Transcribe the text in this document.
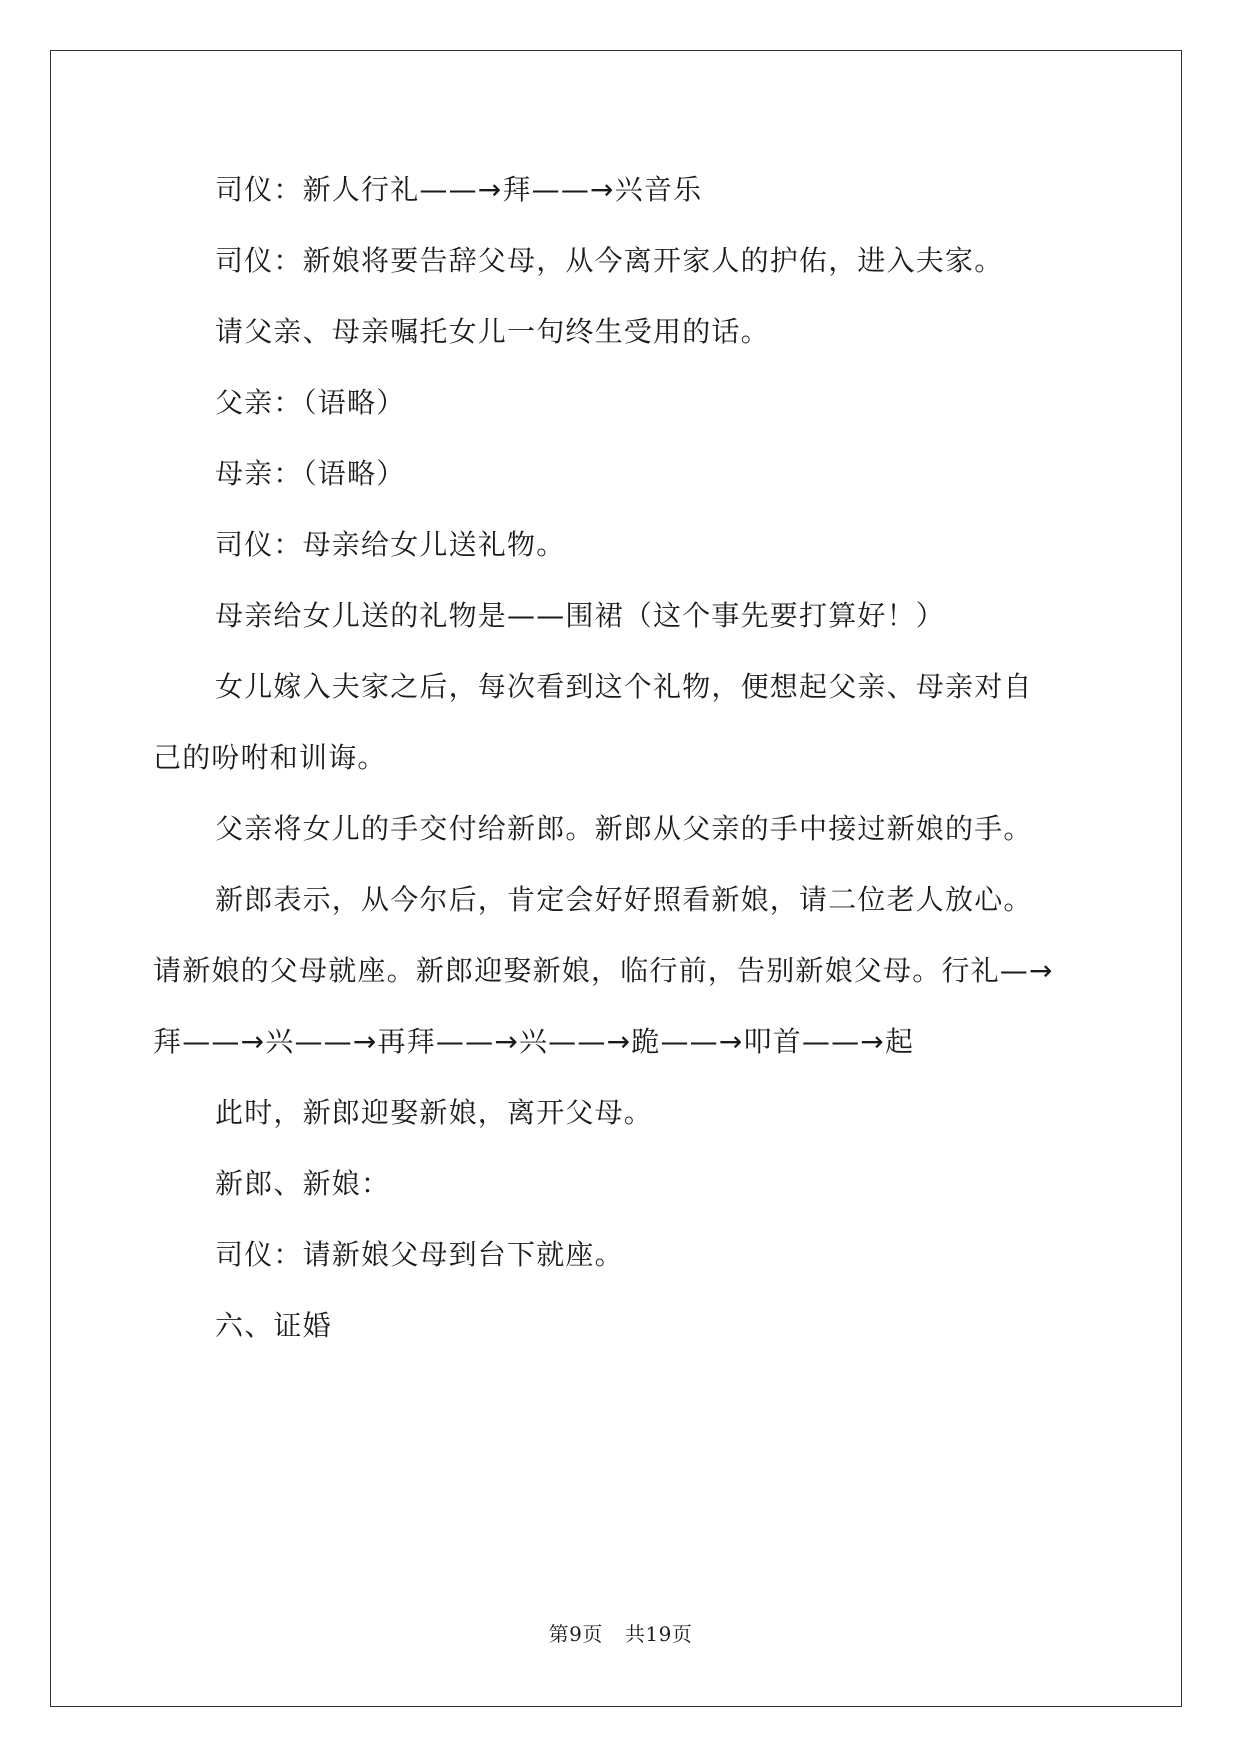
司仪：新人行礼——→拜——→兴音乐
司仪：新娘将要告辞父母，从今离开家人的护佑，进入夫家。
请父亲、母亲嘱托女儿一句终生受用的话。
父亲：（语略）
母亲：（语略）
司仪：母亲给女儿送礼物。
母亲给女儿送的礼物是——围裙（这个事先要打算好！）
女儿嫁入夫家之后，每次看到这个礼物，便想起父亲、母亲对自
己的吩咐和训诲。
父亲将女儿的手交付给新郎。新郎从父亲的手中接过新娘的手。
新郎表示，从今尔后，肯定会好好照看新娘，请二位老人放心。
请新娘的父母就座。新郎迎娶新娘，临行前，告别新娘父母。行礼—→
拜——→兴——→再拜——→兴——→跪——→叩首——→起
此时，新郎迎娶新娘，离开父母。
新郎、新娘：
司仪：请新娘父母到台下就座。
六、证婚
第9页 共19页
